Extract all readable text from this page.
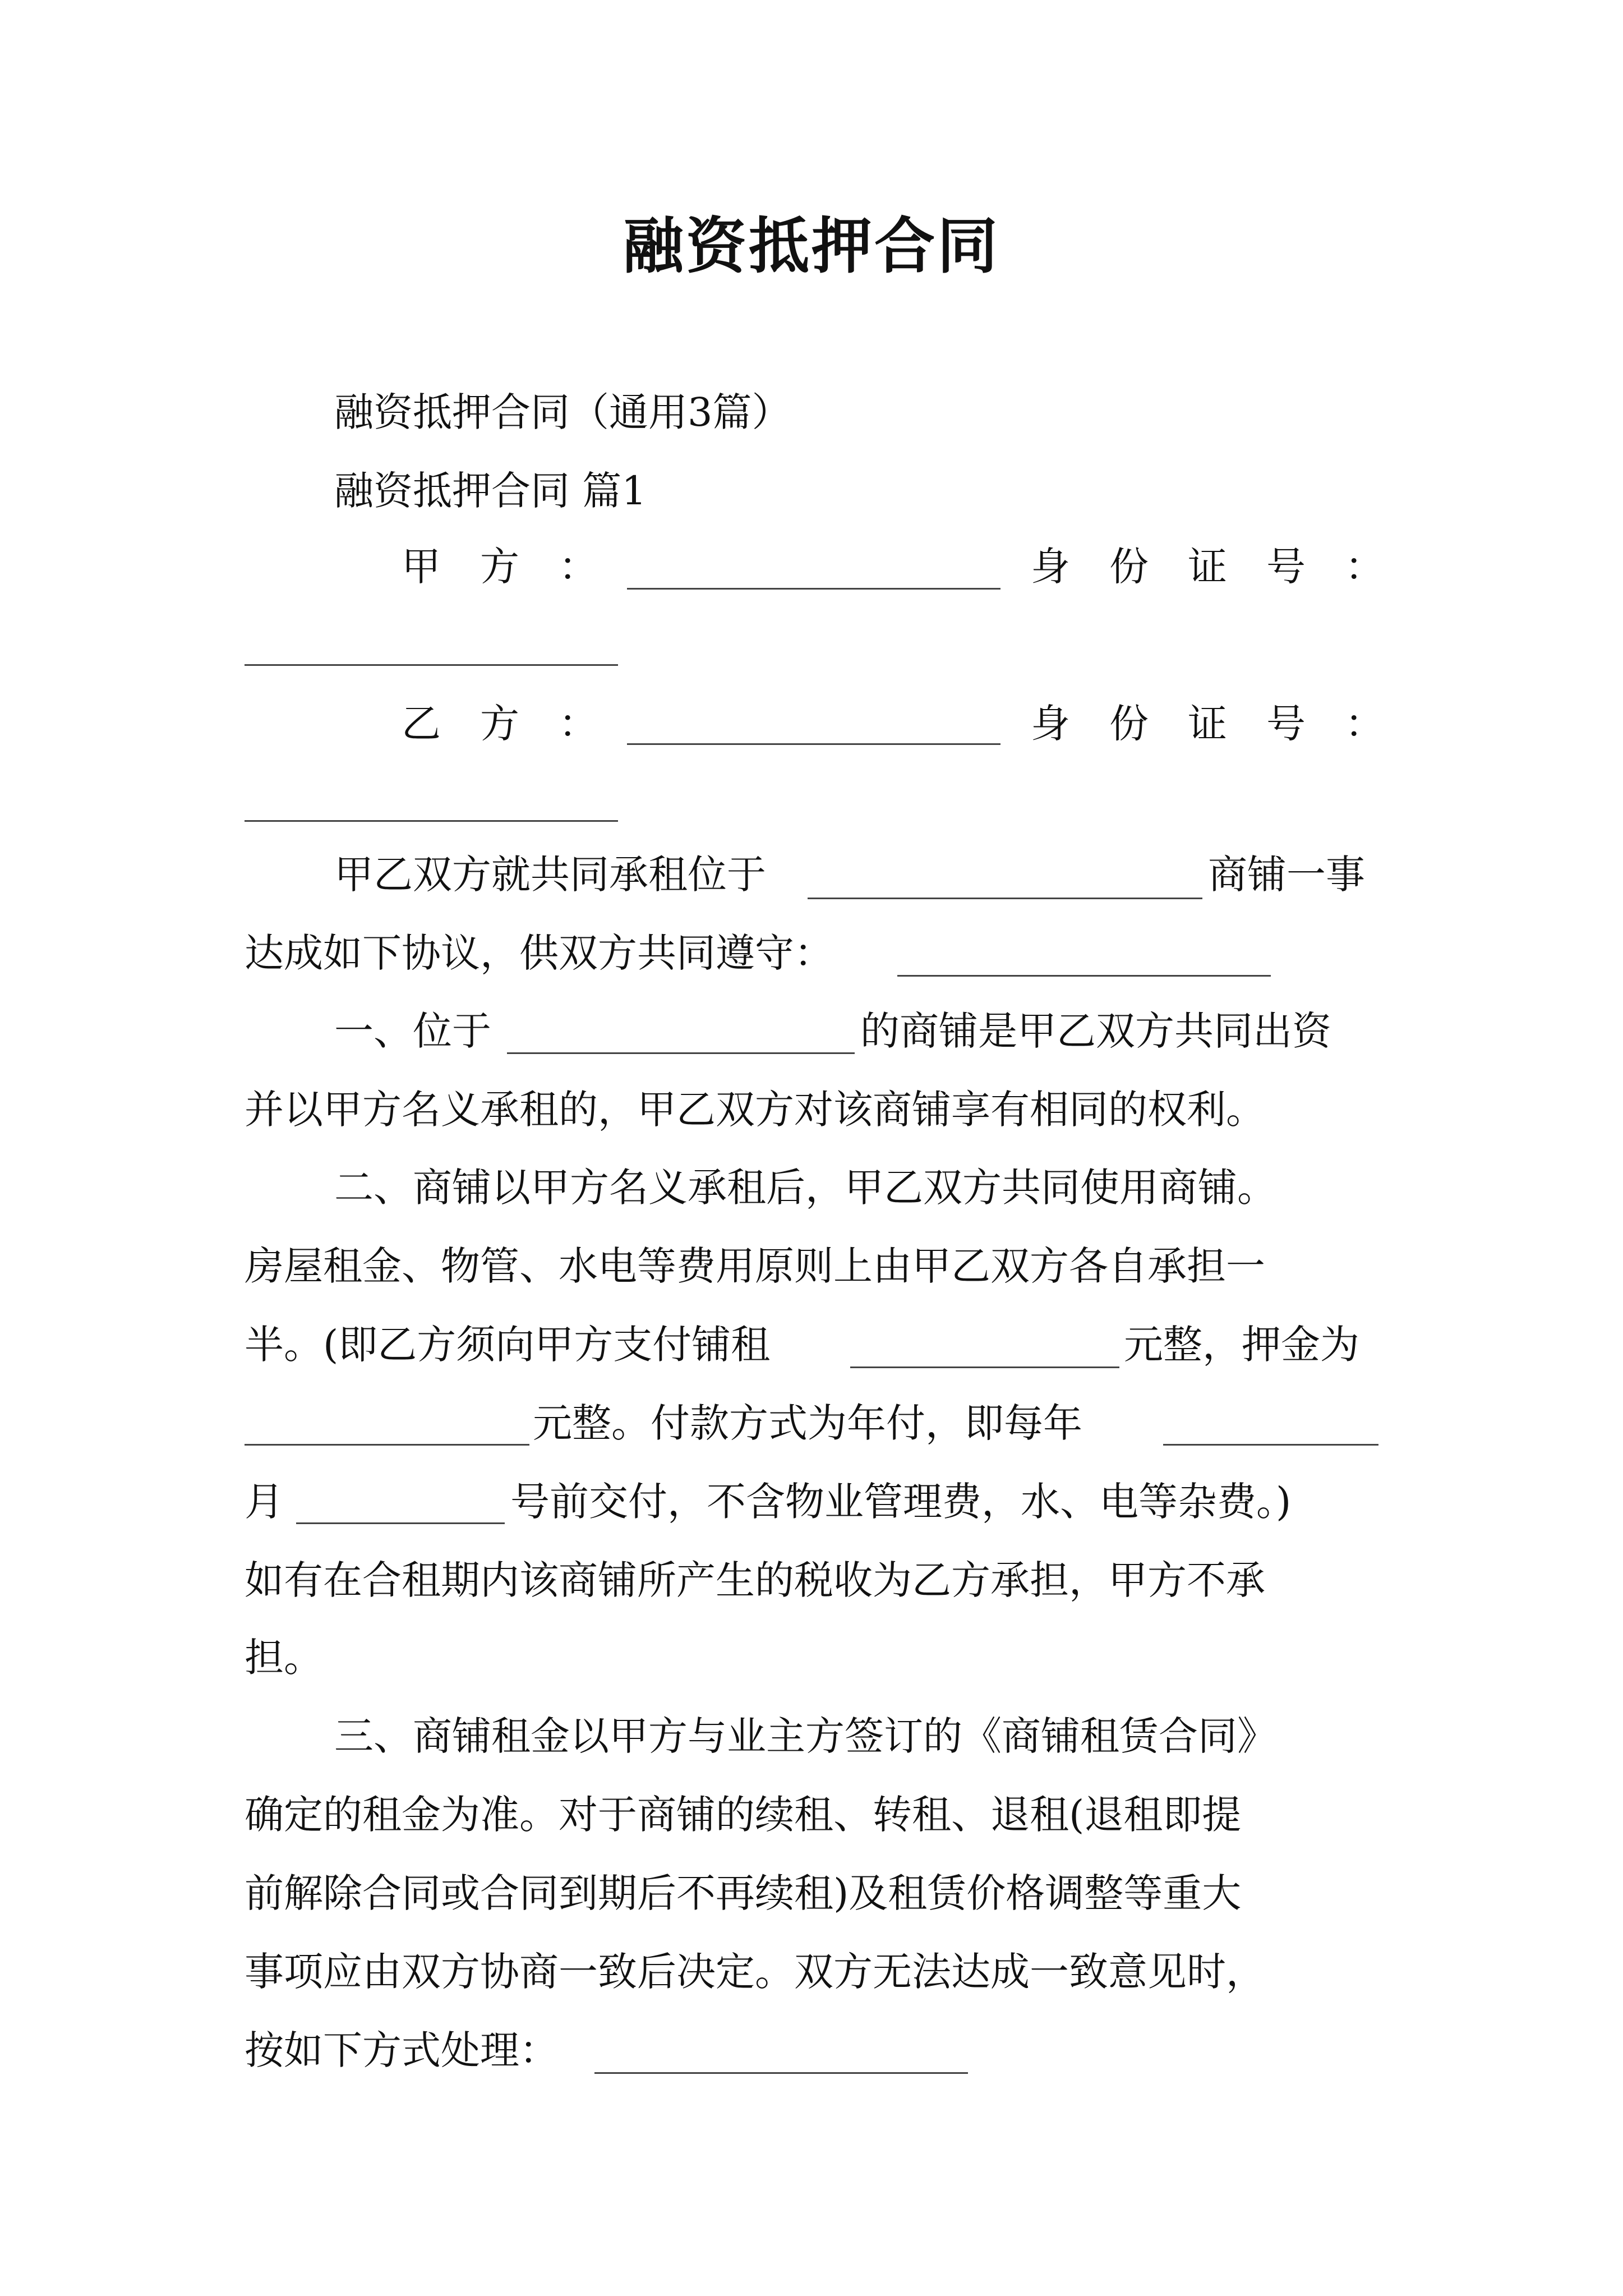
融资抵押合同
融资抵押合同（通用3篇）
融资抵押合同 篇1
甲　方　：	身　份　证　号　：
乙　方　：	身　份　证　号　：
甲乙双方就共同承租位于	商铺一事
达成如下协议，供双方共同遵守：
一、位于	的商铺是甲乙双方共同出资
并以甲方名义承租的，甲乙双方对该商铺享有相同的权利。
二、商铺以甲方名义承租后，甲乙双方共同使用商铺。
房屋租金、物管、水电等费用原则上由甲乙双方各自承担一
半。(即乙方须向甲方支付铺租	元整，押金为
元整。付款方式为年付，即每年
月	号前交付，不含物业管理费，水、电等杂费。)
如有在合租期内该商铺所产生的税收为乙方承担，甲方不承
担。
三、商铺租金以甲方与业主方签订的《商铺租赁合同》
确定的租金为准。对于商铺的续租、转租、退租(退租即提
前解除合同或合同到期后不再续租)及租赁价格调整等重大
事项应由双方协商一致后决定。双方无法达成一致意见时，
按如下方式处理：
